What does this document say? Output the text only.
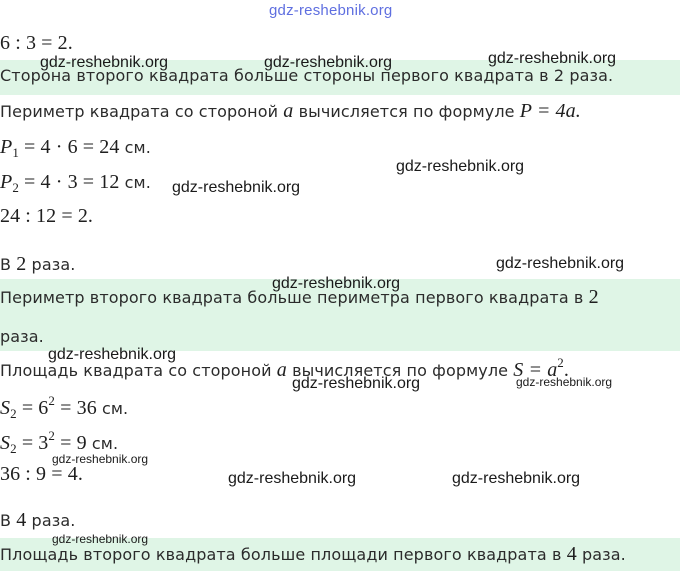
gdz-reshebnik.org
6 : 3 = 2.
Сторона второго квадрата больше стороны первого квадрата в 2 раза.
Периметр квадрата со стороной a вычисляется по формуле P = 4a.
$P_1 = 4 \cdot 6 = 24$ см.
$P_2 = 4 \cdot 3 = 12$ см.
24 : 12 = 2.
В 2 раза.
Периметр второго квадрата больше периметра первого квадрата в 2
раза.
Площадь квадрата со стороной a вычисляется по формуле $S = a^2$.
$S_2 = 6^2 = 36$ см.
$S_2 = 3^2 = 9$ см.
36 : 9 = 4.
В 4 раза.
Площадь второго квадрата больше площади первого квадрата в 4 раза.
gdz-reshebnik.org	gdz-reshebnik.org	gdz-reshebnik.org
gdz-reshebnik.org
gdz-reshebnik.org
gdz-reshebnik.org
gdz-reshebnik.org
gdz-reshebnik.org
gdz-reshebnik.org	gdz-reshebnik.org
gdz-reshebnik.org
gdz-reshebnik.org	gdz-reshebnik.org
gdz-reshebnik.org
